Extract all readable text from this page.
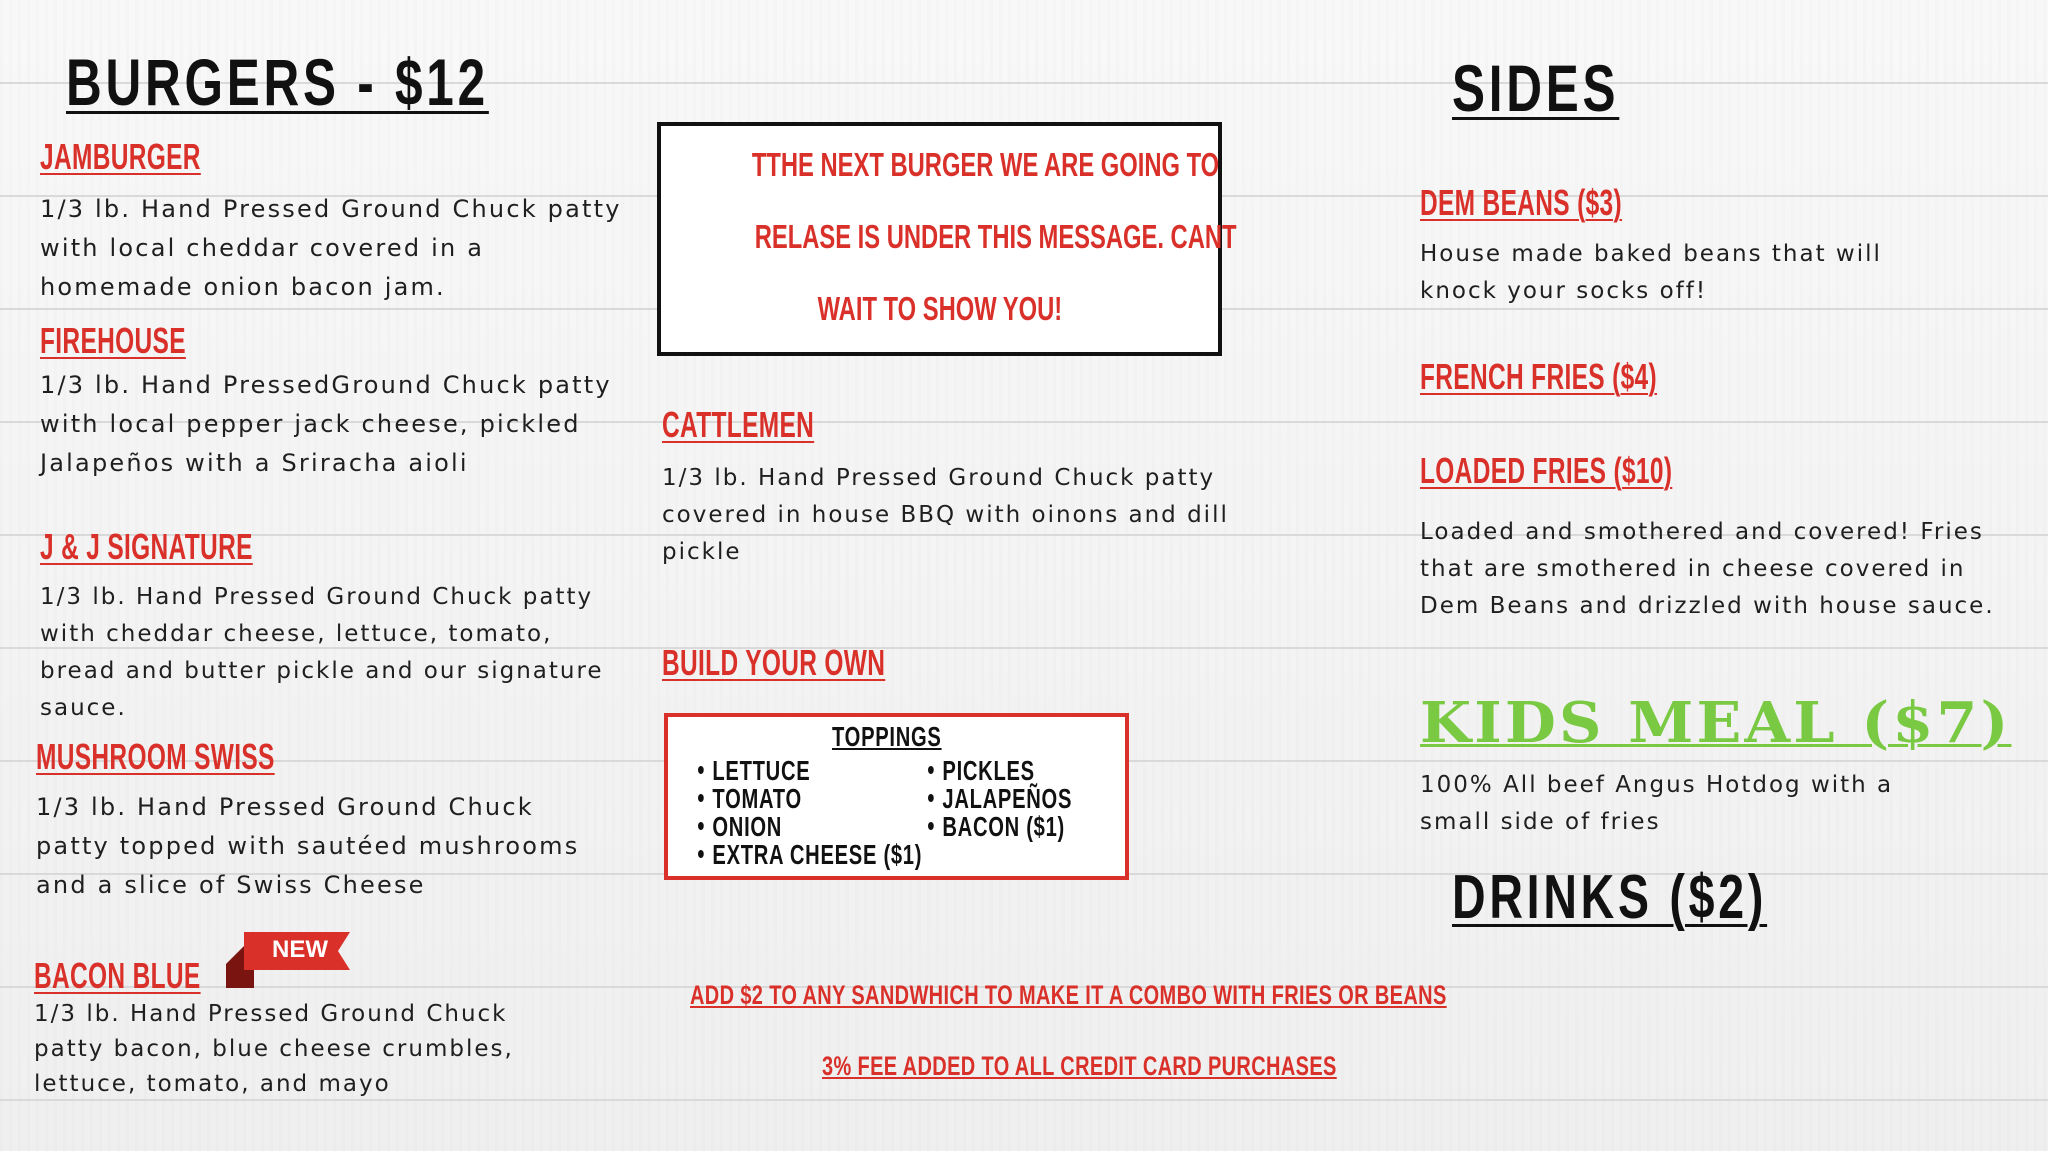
BURGERS - $12
JAMBURGER
1/3 lb. Hand Pressed Ground Chuck patty with local cheddar covered in a homemade onion bacon jam.
FIREHOUSE
1/3 lb. Hand PressedGround Chuck patty with local pepper jack cheese, pickled Jalapeños with a Sriracha aioli
J & J SIGNATURE
1/3 lb. Hand Pressed Ground Chuck patty with cheddar cheese, lettuce, tomato, bread and butter pickle and our signature sauce.
MUSHROOM SWISS
1/3 lb. Hand Pressed Ground Chuck patty topped with sautéed mushrooms and a slice of Swiss Cheese
BACON BLUE
NEW
1/3 lb. Hand Pressed Ground Chuck patty bacon, blue cheese crumbles, lettuce, tomato, and mayo
TTHE NEXT BURGER WE ARE GOING TO
RELASE IS UNDER THIS MESSAGE. CANT
WAIT TO SHOW YOU!
CATTLEMEN
1/3 lb. Hand Pressed Ground Chuck patty covered in house BBQ with oinons and dill pickle
BUILD YOUR OWN
TOPPINGS
LETTUCE
TOMATO
ONION
EXTRA CHEESE ($1)
PICKLES
JALAPEÑOS
BACON ($1)
SIDES
DEM BEANS ($3)
House made baked beans that will knock your socks off!
FRENCH FRIES ($4)
LOADED FRIES ($10)
Loaded and smothered and covered! Fries that are smothered in cheese covered in Dem Beans and drizzled with house sauce.
KIDS MEAL ($7)
100% All beef Angus Hotdog with a small side of fries
DRINKS ($2)
ADD $2 TO ANY SANDWHICH TO MAKE IT A COMBO WITH FRIES OR BEANS
3% FEE ADDED TO ALL CREDIT CARD PURCHASES
